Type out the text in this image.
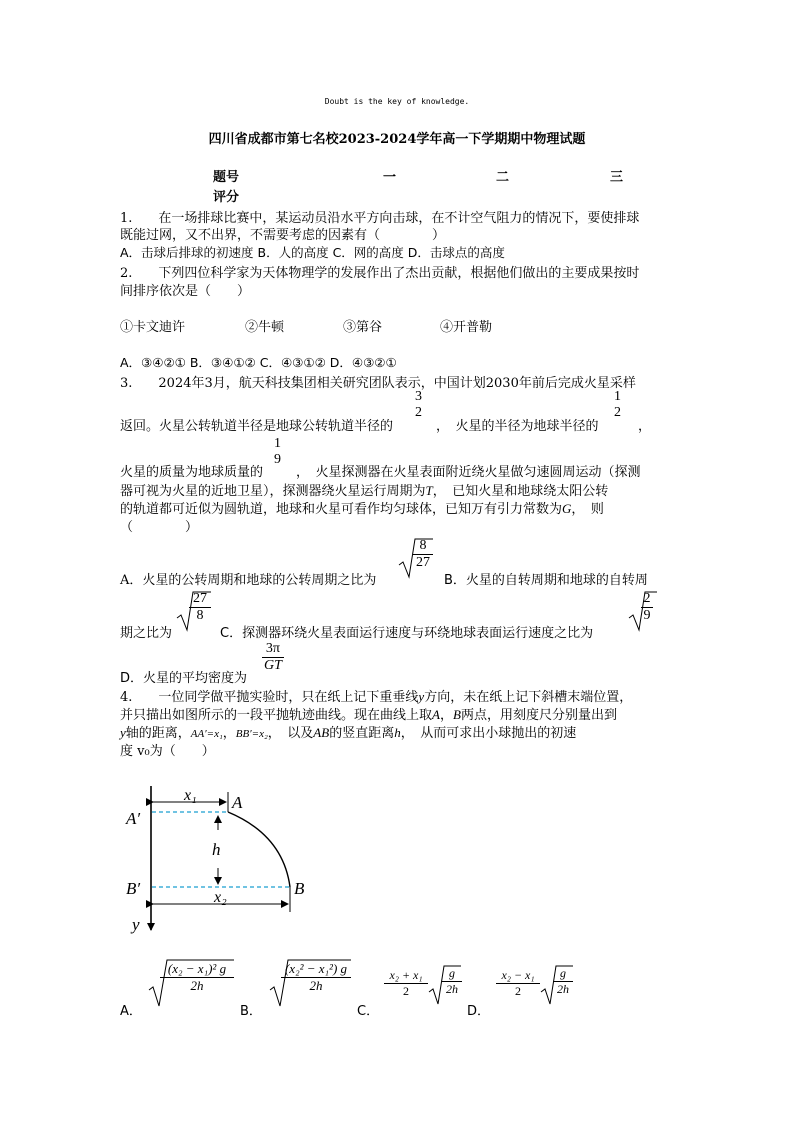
Doubt is the key of knowledge.
四川省成都市第七名校2023-2024学年高一下学期期中物理试题
题号	一	二	三
评分
1.　　在一场排球比赛中，某运动员沿水平方向击球，在不计空气阻力的情况下，要使排球
既能过网，又不出界，不需要考虑的因素有（　　　　）
A．击球后排球的初速度 B．人的高度 C．网的高度 D．击球点的高度
2.　　下列四位科学家为天体物理学的发展作出了杰出贡献，根据他们做出的主要成果按时
间排序依次是（　　）
①卡文迪许	②牛顿	③第谷	④开普勒
A．③④②① B．③④①② C．④③①② D．④③②①
3.　　2024年3月，航天科技集团相关研究团队表示，中国计划2030年前后完成火星采样
返回。火星公转轨道半径是地球公转轨道半径的
3
2
，　火星的半径为地球半径的
1
2
，
火星的质量为地球质量的
1
9
，　火星探测器在火星表面附近绕火星做匀速圆周运动（探测
器可视为火星的近地卫星），探测器绕火星运行周期为T，　已知火星和地球绕太阳公转
的轨道都可近似为圆轨道，地球和火星可看作均匀球体，已知万有引力常数为G，　则
（　　　　）
A．火星的公转周期和地球的公转周期之比为
$\frac{8}{27}$
B．火星的自转周期和地球的自转周
期之比为
$\frac{27}{8}$
C．探测器环绕火星表面运行速度与环绕地球表面运行速度之比为
$\frac{2}{9}$
D．火星的平均密度为
$\frac{3\pi}{GT}$
4.　　一位同学做平抛实验时，只在纸上记下重垂线y方向，未在纸上记下斜槽末端位置，
并只描出如图所示的一段平抛轨迹曲线。现在曲线上取A，B两点，用刻度尺分别量出到
y轴的距离，AA′=x₁，BB′=x₂，　以及AB的竖直距离h，　从而可求出小球抛出的初速
度 v₀为（　　）
A′
A
B′	B
x₁
h
x₂
y
A．
$\frac{\text{(x₂ − x₁)² g}}{2h}$
B．
$\frac{\text{(x₂² − x₁²) g}}{2h}$
C．
$\frac{\text{x₂ + x₁}}{2} \frac{g}{2h}$
D．
$\frac{\text{x₂ − x₁}}{2} \frac{g}{2h}$
